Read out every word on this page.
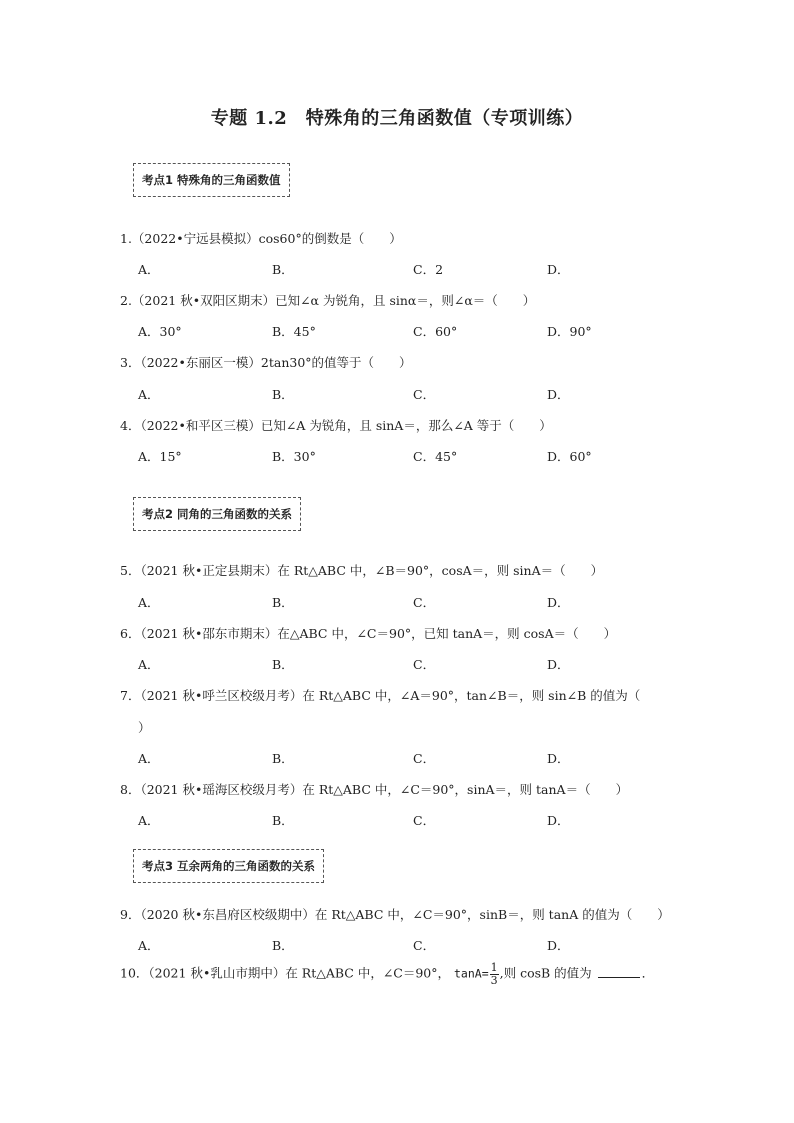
专题 1.2　特殊角的三角函数值（专项训练）
考点1 特殊角的三角函数值
1.（2022•宁远县模拟）cos60°的倒数是（　　）
A．	B．	C．2	D．
2.（2021 秋•双阳区期末）已知∠α 为锐角，且 sinα＝，则∠α＝（　　）
A．30°	B．45°	C．60°	D．90°
3．（2022•东丽区一模）2tan30°的值等于（　　）
A．	B．	C．	D．
4．（2022•和平区三模）已知∠A 为锐角，且 sinA＝，那么∠A 等于（　　）
A．15°	B．30°	C．45°	D．60°
考点2 同角的三角函数的关系
5．（2021 秋•正定县期末）在 Rt△ABC 中，∠B＝90°，cosA＝，则 sinA＝（　　）
A．	B．	C．	D．
6．（2021 秋•邵东市期末）在△ABC 中，∠C＝90°，已知 tanA＝，则 cosA＝（　　）
A．	B．	C．	D．
7．（2021 秋•呼兰区校级月考）在 Rt△ABC 中，∠A＝90°，tan∠B＝，则 sin∠B 的值为（
）
A．	B．	C．	D．
8．（2021 秋•瑶海区校级月考）在 Rt△ABC 中，∠C＝90°，sinA＝，则 tanA＝（　　）
A．	B．	C．	D．
考点3 互余两角的三角函数的关系
9．（2020 秋•东昌府区校级期中）在 Rt△ABC 中，∠C＝90°，sinB＝，则 tanA 的值为（　　）
A．	B．	C．	D．
10．（2021 秋•乳山市期中）在 Rt△ABC 中，∠C＝90°， $\tan A= \frac{1}{3}$ ,则 cosB 的值为	．
